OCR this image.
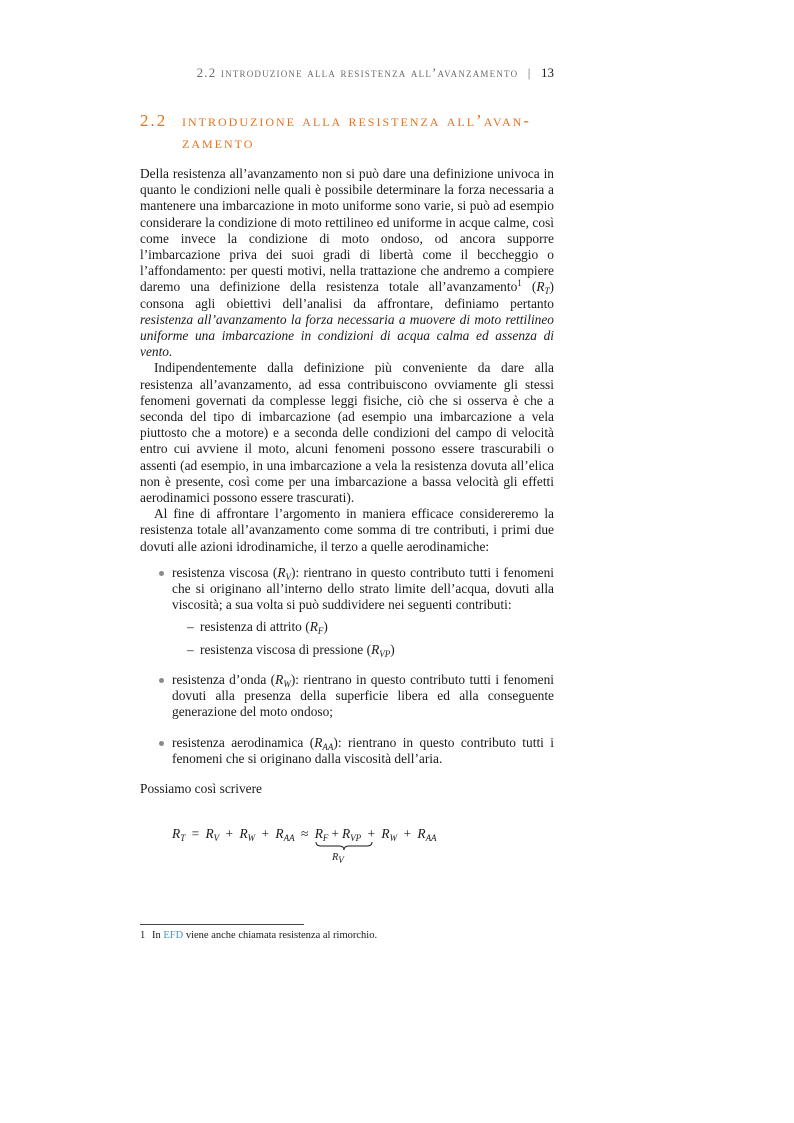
2.2 introduzione alla resistenza all’avanzamento | 13
2.2 introduzione alla resistenza all’avan-
zamento

Della resistenza all’avanzamento non si può dare una definizione univoca in quanto le condizioni nelle quali è possibile determinare la forza necessaria a mantenere una imbarcazione in moto uniforme sono varie, si può ad esempio considerare la condizione di moto rettilineo ed uniforme in acque calme, così come invece la condizione di moto ondoso, od ancora supporre l’imbarcazione priva dei suoi gradi di libertà come il beccheggio o l’affondamento: per questi motivi, nella trattazione che andremo a compiere daremo una definizione della resistenza totale all’avanzamento$^1$ $(R_T)$ consona agli obiettivi dell’analisi da affrontare, definiamo pertanto resistenza all’avanzamento la forza necessaria a muovere di moto rettilineo uniforme una imbarcazione in condizioni di acqua calma ed assenza di vento.

Indipendentemente dalla definizione più conveniente da dare alla resistenza all’avanzamento, ad essa contribuiscono ovviamente gli stessi fenomeni governati da complesse leggi fisiche, ciò che si osserva è che a seconda del tipo di imbarcazione (ad esempio una imbarcazione a vela piuttosto che a motore) e a seconda delle condizioni del campo di velocità entro cui avviene il moto, alcuni fenomeni possono essere trascurabili o assenti (ad esempio, in una imbarcazione a vela la resistenza dovuta all’elica non è presente, così come per una imbarcazione a bassa velocità gli effetti aerodinamici possono essere trascurati).

Al fine di affrontare l’argomento in maniera efficace considereremo la resistenza totale all’avanzamento come somma di tre contributi, i primi due dovuti alle azioni idrodinamiche, il terzo a quelle aerodinamiche:

resistenza viscosa $(R_V)$: rientrano in questo contributo tutti i fenomeni che si originano all’interno dello strato limite dell’acqua, dovuti alla viscosità; a sua volta si può suddividere nei seguenti contributi:
– resistenza di attrito $(R_F)$
– resistenza viscosa di pressione $(R_{VP})$
resistenza d’onda $(R_W)$: rientrano in questo contributo tutti i fenomeni dovuti alla presenza della superficie libera ed alla conseguente generazione del moto ondoso;
resistenza aerodinamica $(R_{AA})$: rientrano in questo contributo tutti i fenomeni che si originano dalla viscosità dell’aria.

Possiamo così scrivere

$R_T = R_V + R_W + R_{AA} \approx R_F + R_{VP}$
$R_V$
+ $R_W + R_{AA}$
1 In EFD viene anche chiamata resistenza al rimorchio.
